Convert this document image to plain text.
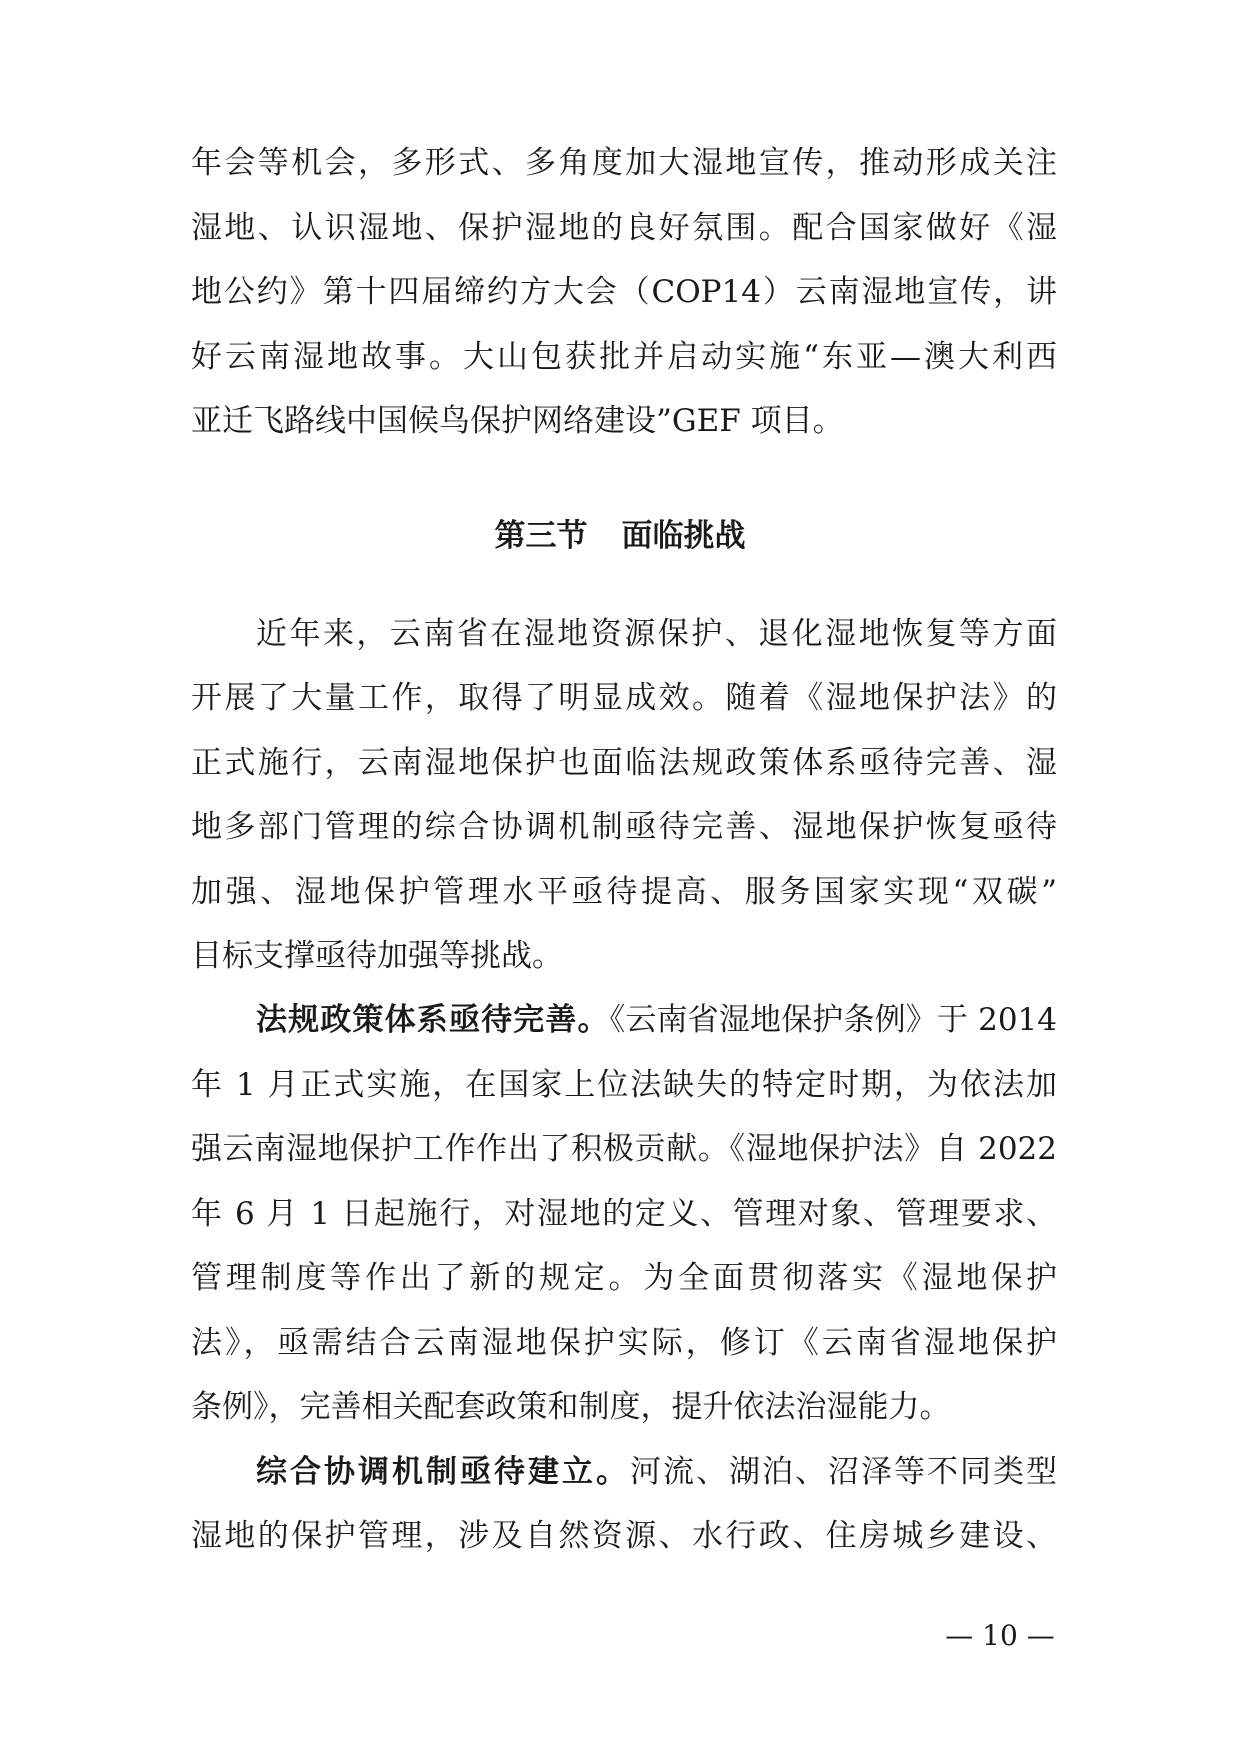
年会等机会，多形式、多角度加大湿地宣传，推动形成关注
湿地、认识湿地、保护湿地的良好氛围。配合国家做好《湿
地公约》第十四届缔约方大会（COP14）云南湿地宣传，讲
好云南湿地故事。大山包获批并启动实施“东亚—澳大利西
亚迁飞路线中国候鸟保护网络建设”GEF 项目。
第三节 面临挑战
近年来，云南省在湿地资源保护、退化湿地恢复等方面
开展了大量工作，取得了明显成效。随着《湿地保护法》的
正式施行，云南湿地保护也面临法规政策体系亟待完善、湿
地多部门管理的综合协调机制亟待完善、湿地保护恢复亟待
加强、湿地保护管理水平亟待提高、服务国家实现“双碳”
目标支撑亟待加强等挑战。
法规政策体系亟待完善。《云南省湿地保护条例》于 2014
年 1 月正式实施，在国家上位法缺失的特定时期，为依法加
强云南湿地保护工作作出了积极贡献。《湿地保护法》自 2022
年 6 月 1 日起施行，对湿地的定义、管理对象、管理要求、
管理制度等作出了新的规定。为全面贯彻落实《湿地保护
法》，亟需结合云南湿地保护实际，修订《云南省湿地保护
条例》，完善相关配套政策和制度，提升依法治湿能力。
综合协调机制亟待建立。河流、湖泊、沼泽等不同类型
湿地的保护管理，涉及自然资源、水行政、住房城乡建设、
— 10 —
